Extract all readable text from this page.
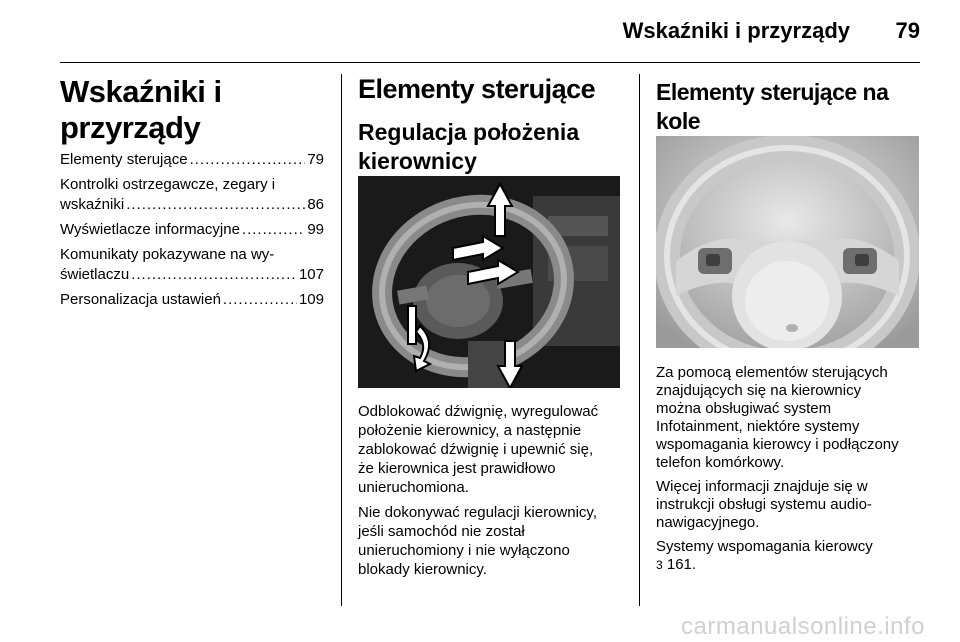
Wskaźniki i przyrządy	79
Wskaźniki i przyrządy
Elementy sterujące .....	79
Kontrolki ostrzegawcze, zegary i
wskaźniki .....	86
Wyświetlacze informacyjne .....	99
Komunikaty pokazywane na wy-
świetlaczu .....	107
Personalizacja ustawień .....	109
Elementy sterujące
Regulacja położenia
kierownicy

Odblokować dźwignię, wyregulować
położenie kierownicy, a następnie
zablokować dźwignię i upewnić się,
że kierownica jest prawidłowo
unieruchomiona.

Nie dokonywać regulacji kierownicy,
jeśli samochód nie został
unieruchomiony i nie wyłączono
blokady kierownicy.

Elementy sterujące na kole

Za pomocą elementów sterujących
znajdujących się na kierownicy
można obsługiwać system
Infotainment, niektóre systemy
wspomagania kierowcy i podłączony
telefon komórkowy.

Więcej informacji znajduje się w
instrukcji obsługi systemu audio-
nawigacyjnego.

Systemy wspomagania kierowcy
3 161.

carmanualsonline.info
